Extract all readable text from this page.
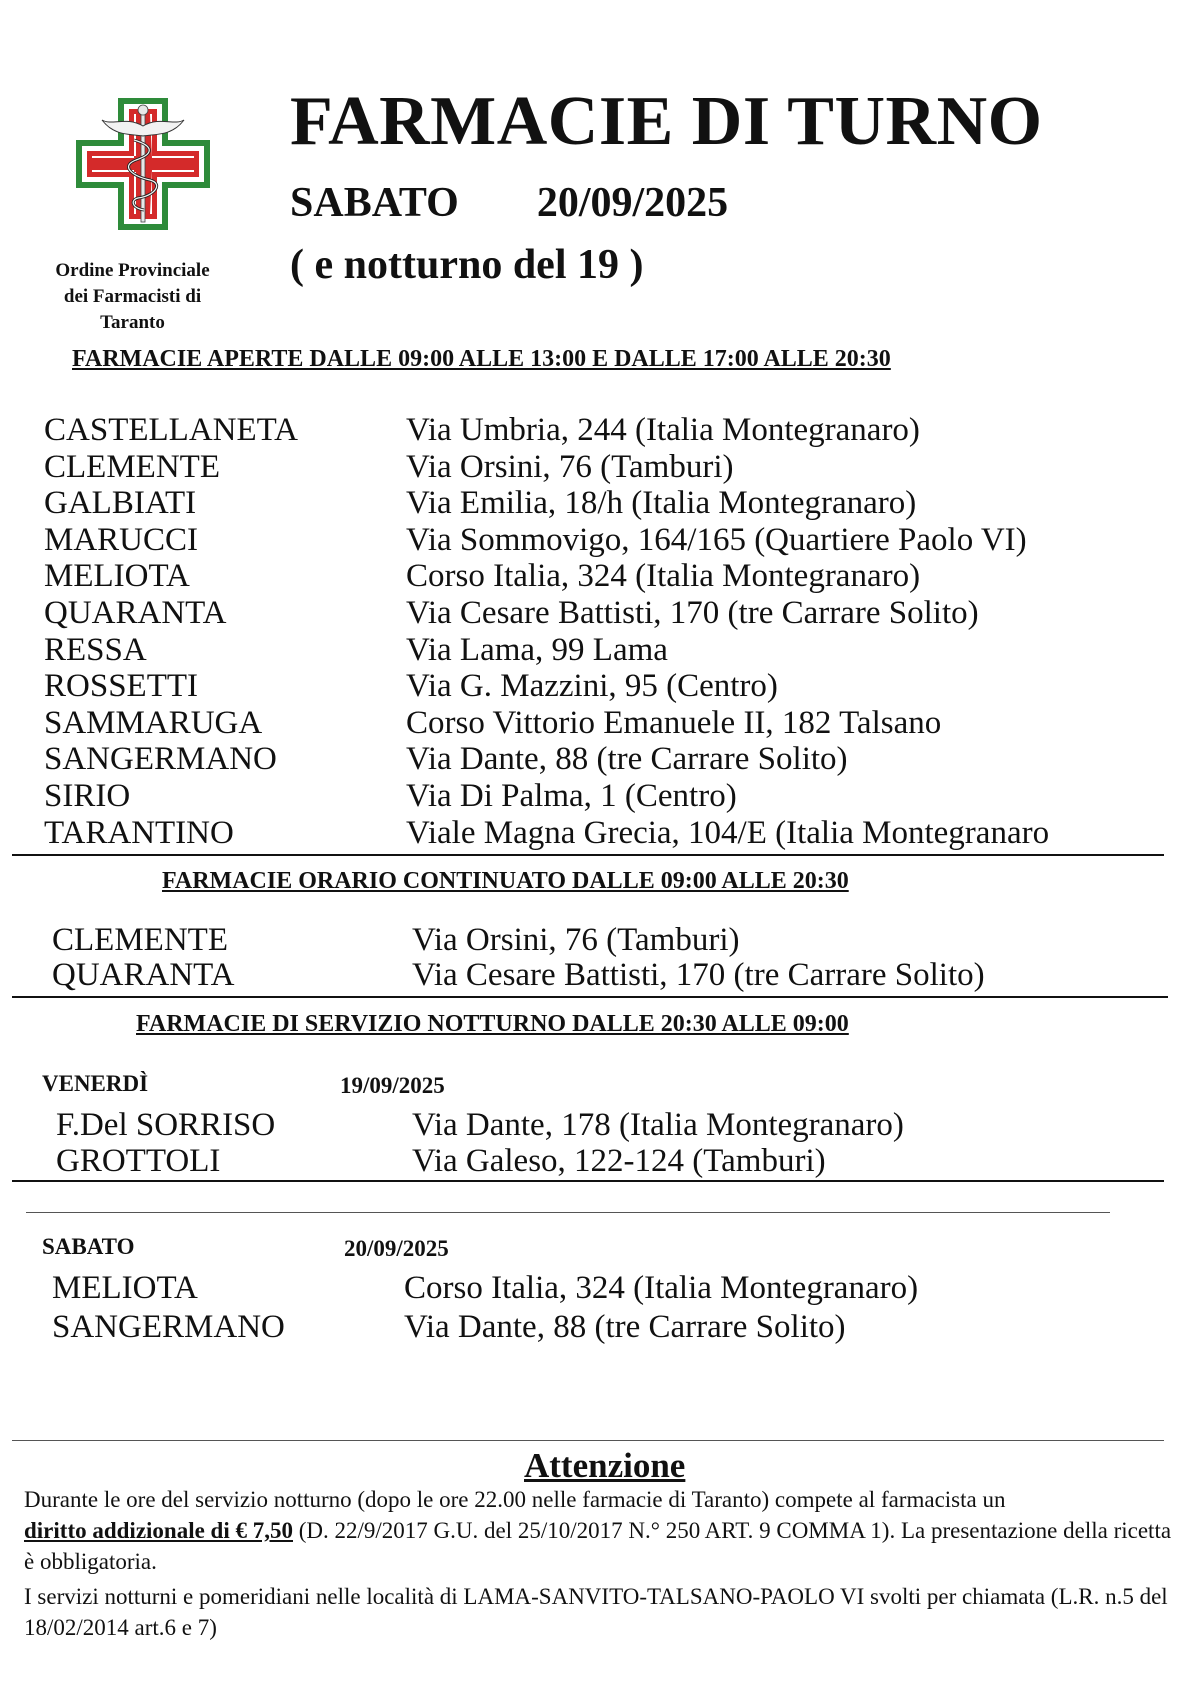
Ordine Provinciale
dei Farmacisti di
Taranto
FARMACIE DI TURNO
SABATO 20/09/2025
( e notturno del 19 )
FARMACIE APERTE DALLE 09:00 ALLE 13:00 E DALLE 17:00 ALLE 20:30
CASTELLANETA	Via Umbria, 244 (Italia Montegranaro)
CLEMENTE	Via Orsini, 76 (Tamburi)
GALBIATI	Via Emilia, 18/h (Italia Montegranaro)
MARUCCI	Via Sommovigo, 164/165 (Quartiere Paolo VI)
MELIOTA	Corso Italia, 324 (Italia Montegranaro)
QUARANTA	Via Cesare Battisti, 170 (tre Carrare Solito)
RESSA	Via Lama, 99 Lama
ROSSETTI	Via G. Mazzini, 95 (Centro)
SAMMARUGA	Corso Vittorio Emanuele II, 182 Talsano
SANGERMANO	Via Dante, 88 (tre Carrare Solito)
SIRIO	Via Di Palma, 1 (Centro)
TARANTINO	Viale Magna Grecia, 104/E (Italia Montegranaro
FARMACIE ORARIO CONTINUATO DALLE 09:00 ALLE 20:30
CLEMENTE	Via Orsini, 76 (Tamburi)
QUARANTA	Via Cesare Battisti, 170 (tre Carrare Solito)
FARMACIE DI SERVIZIO NOTTURNO DALLE 20:30 ALLE 09:00
VENERDÌ	19/09/2025
F.Del SORRISO	Via Dante, 178 (Italia Montegranaro)
GROTTOLI	Via Galeso, 122-124 (Tamburi)
SABATO	20/09/2025
MELIOTA	Corso Italia, 324 (Italia Montegranaro)
SANGERMANO	Via Dante, 88 (tre Carrare Solito)
Attenzione
Durante le ore del servizio notturno (dopo le ore 22.00 nelle farmacie di Taranto) compete al farmacista un
diritto addizionale di € 7,50 (D. 22/9/2017 G.U. del 25/10/2017 N.° 250 ART. 9 COMMA 1). La presentazione della ricetta è obbligatoria.
I servizi notturni e pomeridiani nelle località di LAMA-SANVITO-TALSANO-PAOLO VI svolti per chiamata (L.R. n.5 del 18/02/2014 art.6 e 7)
